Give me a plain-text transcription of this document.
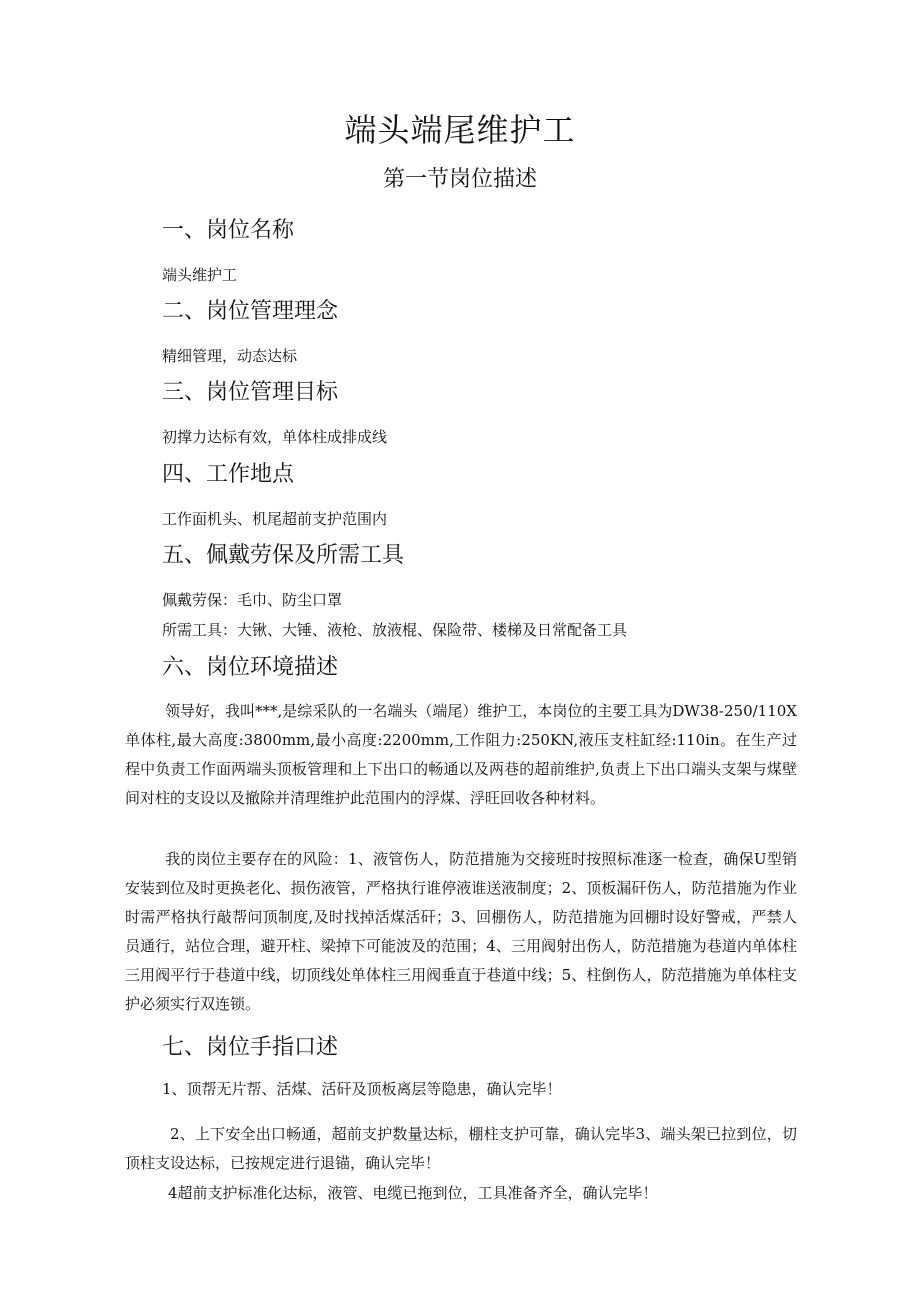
端头端尾维护工
第一节岗位描述
一、岗位名称
端头维护工
二、岗位管理理念
精细管理，动态达标
三、岗位管理目标
初撑力达标有效，单体柱成排成线
四、工作地点
工作面机头、机尾超前支护范围内
五、佩戴劳保及所需工具
佩戴劳保：毛巾、防尘口罩
所需工具：大锹、大锤、液枪、放液棍、保险带、楼梯及日常配备工具
六、岗位环境描述
领导好，我叫***,是综采队的一名端头（端尾）维护工，本岗位的主要工具为DW38-250/110X单体柱,最大高度:3800mm,最小高度:2200mm,工作阻力:250KN,液压支柱缸经:110in。在生产过程中负责工作面两端头顶板管理和上下出口的畅通以及两巷的超前维护,负责上下出口端头支架与煤壁间对柱的支设以及撤除并清理维护此范围内的浮煤、浮旺回收各种材料。
我的岗位主要存在的风险：1、液管伤人，防范措施为交接班时按照标准逐一检查，确保U型销安装到位及时更换老化、损伤液管，严格执行谁停液谁送液制度；2、顶板漏矸伤人，防范措施为作业时需严格执行敲帮问顶制度,及时找掉活煤活矸；3、回棚伤人，防范措施为回棚时设好警戒，严禁人员通行，站位合理，避开柱、梁掉下可能波及的范围；4、三用阀射出伤人，防范措施为巷道内单体柱三用阀平行于巷道中线，切顶线处单体柱三用阀垂直于巷道中线；5、柱倒伤人，防范措施为单体柱支护必须实行双连锁。
七、岗位手指口述
1、顶帮无片帮、活煤、活矸及顶板离层等隐患，确认完毕！
2、上下安全出口畅通，超前支护数量达标，棚柱支护可靠，确认完毕3、端头架已拉到位，切顶柱支设达标，已按规定进行退锚，确认完毕！
4超前支护标准化达标，液管、电缆已拖到位，工具准备齐全，确认完毕！
